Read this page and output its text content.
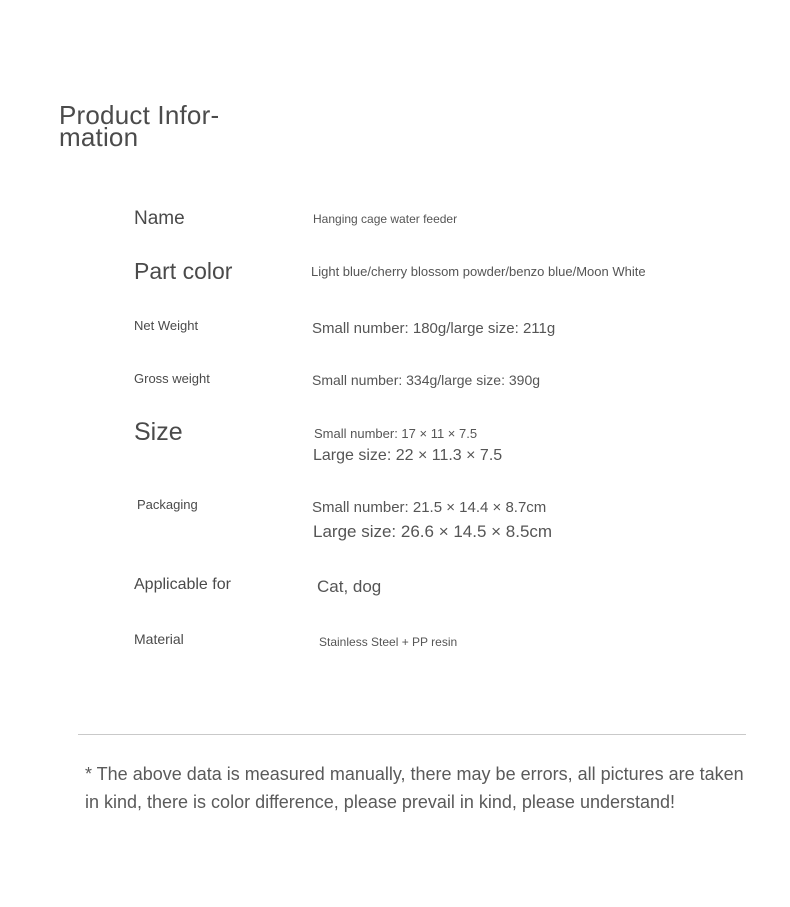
Product Infor-
mation
Name	Hanging cage water feeder
Part color	Light blue/cherry blossom powder/benzo blue/Moon White
Net Weight	Small number: 180g/large size: 211g
Gross weight	Small number: 334g/large size: 390g
Size	Small number: 17 × 11 × 7.5
Large size: 22 × 11.3 × 7.5
Packaging	Small number: 21.5 × 14.4 × 8.7cm
Large size: 26.6 × 14.5 × 8.5cm
Applicable for	Cat, dog
Material	Stainless Steel + PP resin
* The above data is measured manually, there may be errors, all pictures are taken in kind, there is color difference, please prevail in kind, please understand!
